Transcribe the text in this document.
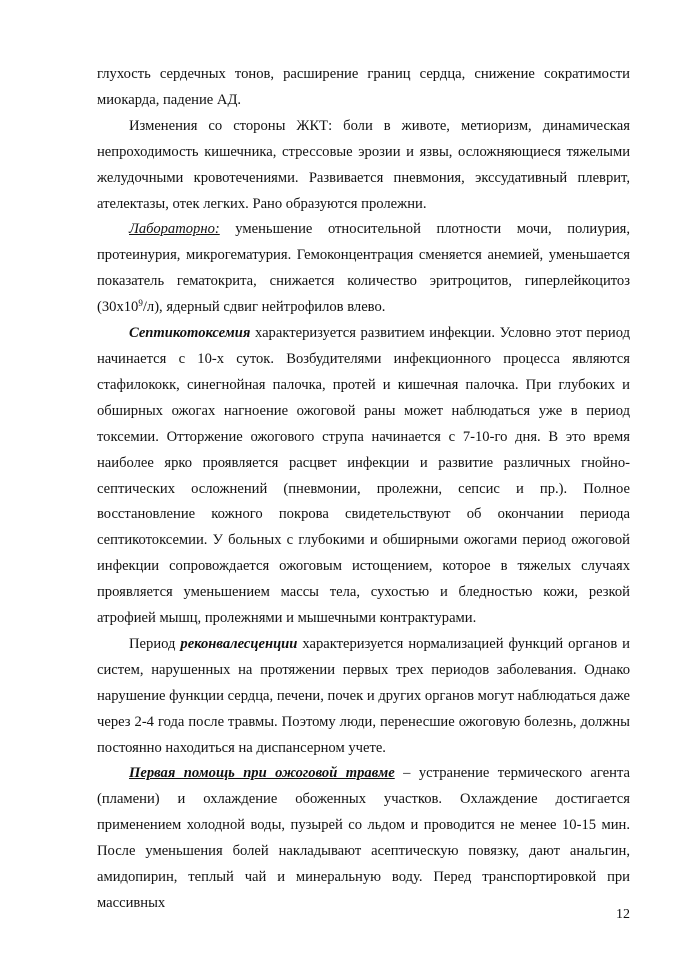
глухость сердечных тонов, расширение границ сердца, снижение сократимости миокарда, падение АД.

Изменения со стороны ЖКТ: боли в животе, метиоризм, динамическая непроходимость кишечника, стрессовые эрозии и язвы, осложняющиеся тяжелыми желудочными кровотечениями. Развивается пневмония, экссудативный плеврит, ателектазы, отек легких. Рано образуются пролежни.

Лабораторно: уменьшение относительной плотности мочи, полиурия, протеинурия, микрогематурия. Гемоконцентрация сменяется анемией, уменьшается показатель гематокрита, снижается количество эритроцитов, гиперлейкоцитоз $(30x10^9/л)$, ядерный сдвиг нейтрофилов влево.

Септикотоксемия характеризуется развитием инфекции. Условно этот период начинается с 10-х суток. Возбудителями инфекционного процесса являются стафилококк, синегнойная палочка, протей и кишечная палочка. При глубоких и обширных ожогах нагноение ожоговой раны может наблюдаться уже в период токсемии. Отторжение ожогового струпа начинается с 7-10-го дня. В это время наиболее ярко проявляется расцвет инфекции и развитие различных гнойно-септических осложнений (пневмонии, пролежни, сепсис и пр.). Полное восстановление кожного покрова свидетельствуют об окончании периода септикотоксемии. У больных с глубокими и обширными ожогами период ожоговой инфекции сопровождается ожоговым истощением, которое в тяжелых случаях проявляется уменьшением массы тела, сухостью и бледностью кожи, резкой атрофией мышц, пролежнями и мышечными контрактурами.

Период реконвалесценции характеризуется нормализацией функций органов и систем, нарушенных на протяжении первых трех периодов заболевания. Однако нарушение функции сердца, печени, почек и других органов могут наблюдаться даже через 2-4 года после травмы. Поэтому люди, перенесшие ожоговую болезнь, должны постоянно находиться на диспансерном учете.

Первая помощь при ожоговой травме – устранение термического агента (пламени) и охлаждение обоженных участков. Охлаждение достигается применением холодной воды, пузырей со льдом и проводится не менее 10-15 мин. После уменьшения болей накладывают асептическую повязку, дают анальгин, амидопирин, теплый чай и минеральную воду. Перед транспортировкой при массивных

12
